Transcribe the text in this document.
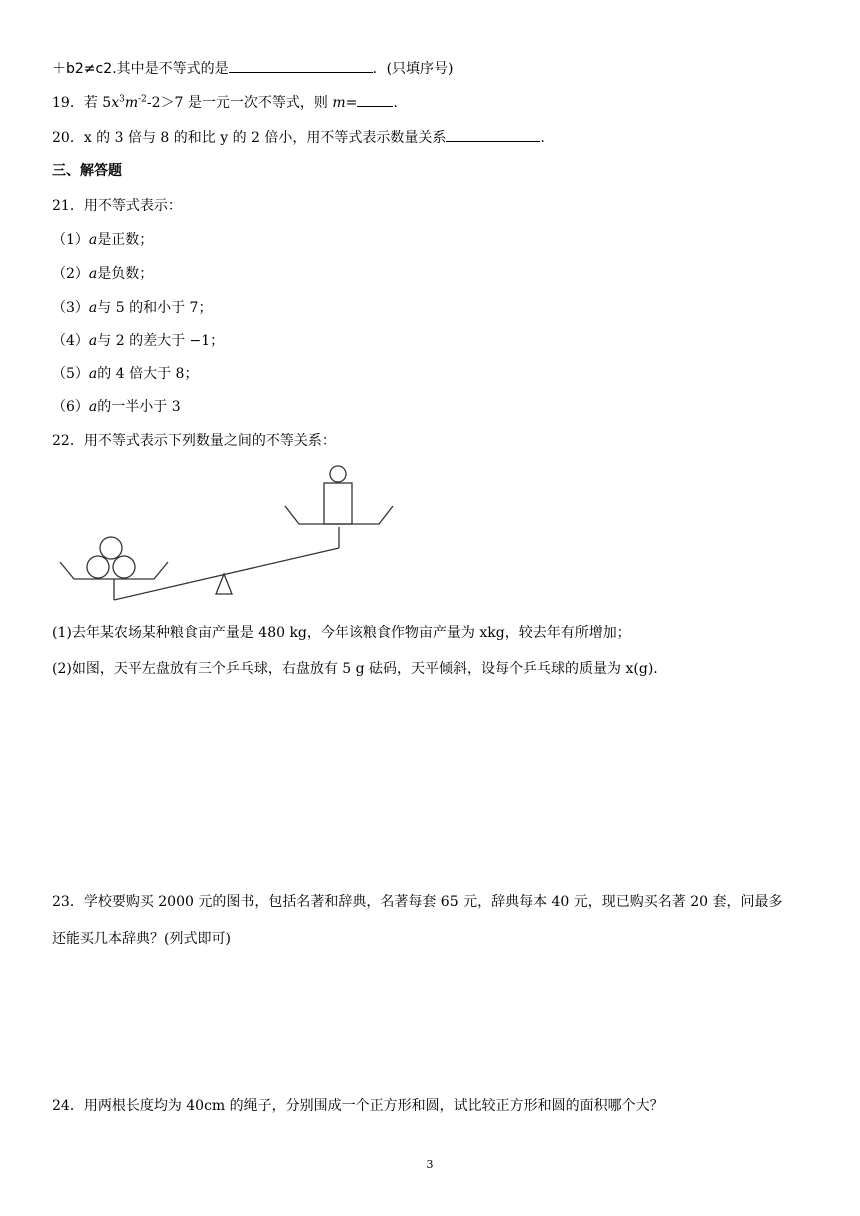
＋b2≠c2.其中是不等式的是	．(只填序号)
19．若 $5x^3m^{-2}-2>7$ 是一元一次不等式，则 m=	.
20．x 的 3 倍与 8 的和比 y 的 2 倍小，用不等式表示数量关系	.
三、解答题
21．用不等式表示：
（1）a是正数；
（2）a是负数；
（3）a与 5 的和小于 7；
（4）a与 2 的差大于 −1；
（5）a的 4 倍大于 8；
（6）a的一半小于 3
22．用不等式表示下列数量之间的不等关系：
(1)去年某农场某种粮食亩产量是 480 kg，今年该粮食作物亩产量为 xkg，较去年有所增加；
(2)如图，天平左盘放有三个乒乓球，右盘放有 5 g 砝码，天平倾斜，设每个乒乓球的质量为 x(g).
23．学校要购买 2000 元的图书，包括名著和辞典，名著每套 65 元，辞典每本 40 元，现已购买名著 20 套，问最多
还能买几本辞典？(列式即可)
24．用两根长度均为 40cm 的绳子，分别围成一个正方形和圆，试比较正方形和圆的面积哪个大？
3
